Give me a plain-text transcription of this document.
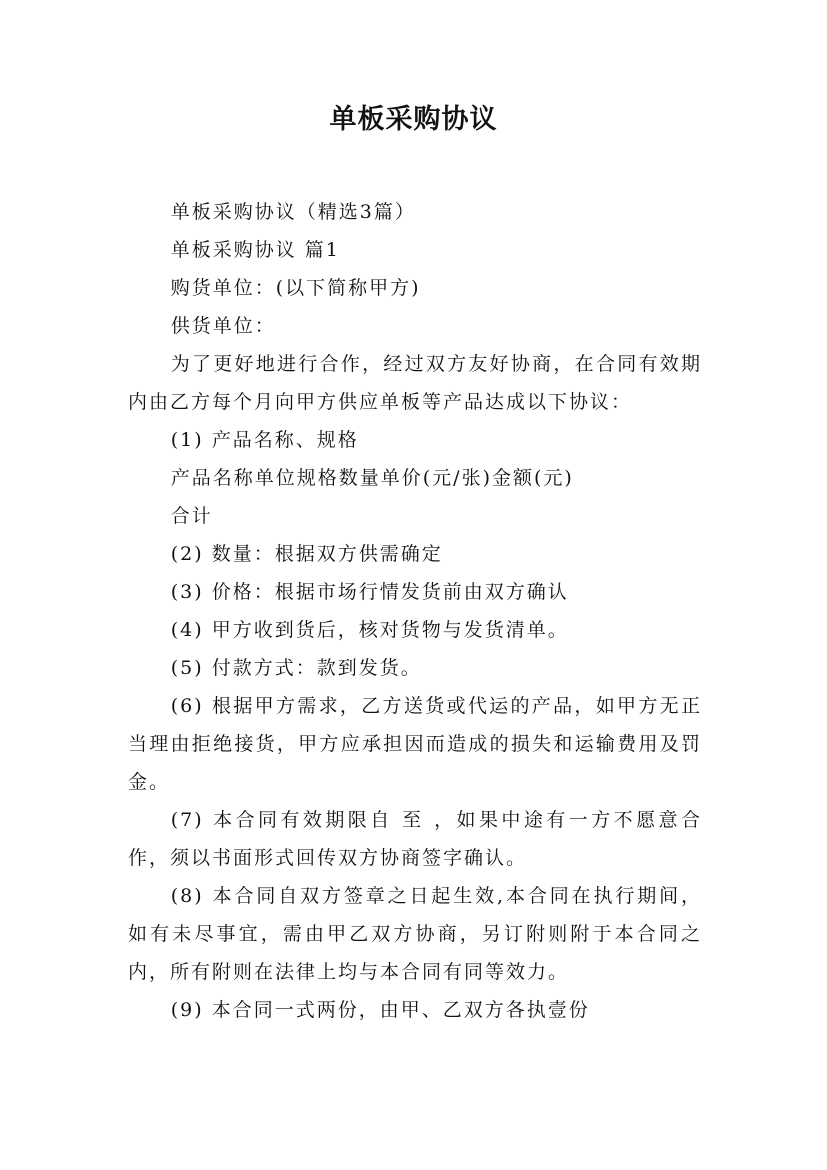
单板采购协议

单板采购协议（精选3篇）

单板采购协议 篇1

购货单位：(以下简称甲方)

供货单位：

为了更好地进行合作，经过双方友好协商，在合同有效期内由乙方每个月向甲方供应单板等产品达成以下协议：

(1) 产品名称、规格

产品名称单位规格数量单价(元/张)金额(元)

合计

(2) 数量：根据双方供需确定

(3) 价格：根据市场行情发货前由双方确认

(4) 甲方收到货后，核对货物与发货清单。

(5) 付款方式：款到发货。

(6) 根据甲方需求，乙方送货或代运的产品，如甲方无正当理由拒绝接货，甲方应承担因而造成的损失和运输费用及罚金。

(7) 本合同有效期限自 至 ，如果中途有一方不愿意合作，须以书面形式回传双方协商签字确认。

(8) 本合同自双方签章之日起生效,本合同在执行期间，如有未尽事宜，需由甲乙双方协商，另订附则附于本合同之内，所有附则在法律上均与本合同有同等效力。

(9) 本合同一式两份，由甲、乙双方各执壹份
